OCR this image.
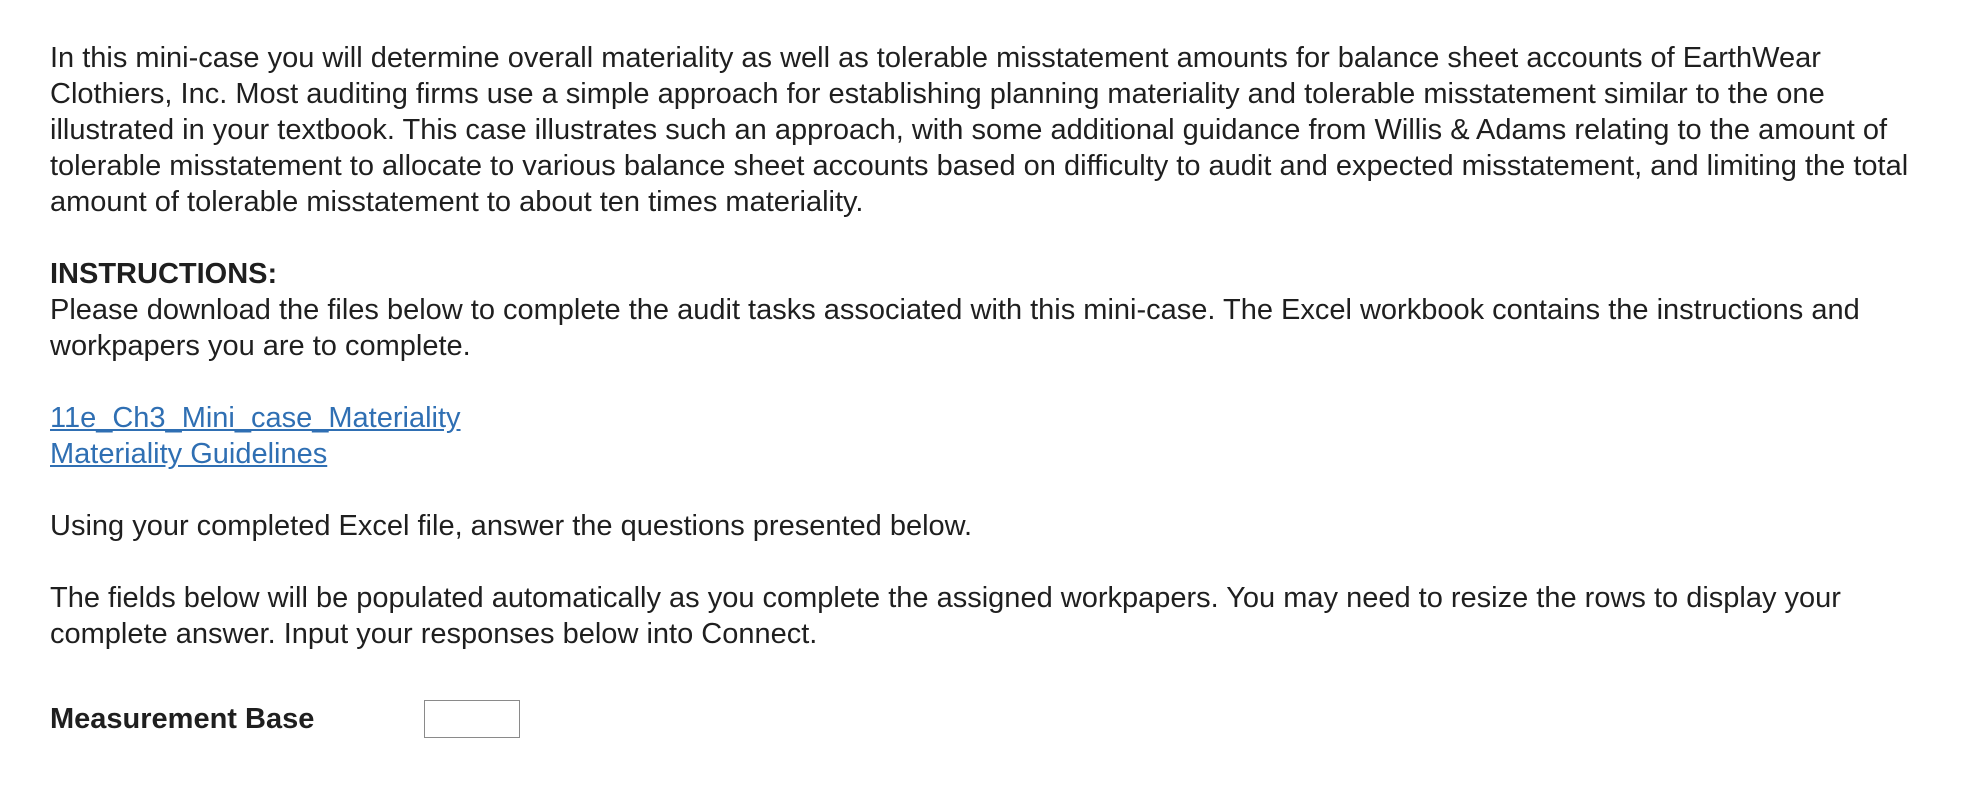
In this mini-case you will determine overall materiality as well as tolerable misstatement amounts for balance sheet accounts of EarthWear Clothiers, Inc. Most auditing firms use a simple approach for establishing planning materiality and tolerable misstatement similar to the one illustrated in your textbook. This case illustrates such an approach, with some additional guidance from Willis & Adams relating to the amount of tolerable misstatement to allocate to various balance sheet accounts based on difficulty to audit and expected misstatement, and limiting the total amount of tolerable misstatement to about ten times materiality.

INSTRUCTIONS:

Please download the files below to complete the audit tasks associated with this mini-case. The Excel workbook contains the instructions and workpapers you are to complete.

11e_Ch3_Mini_case_Materiality
Materiality Guidelines

Using your completed Excel file, answer the questions presented below.

The fields below will be populated automatically as you complete the assigned workpapers. You may need to resize the rows to display your complete answer. Input your responses below into Connect.

Measurement Base
